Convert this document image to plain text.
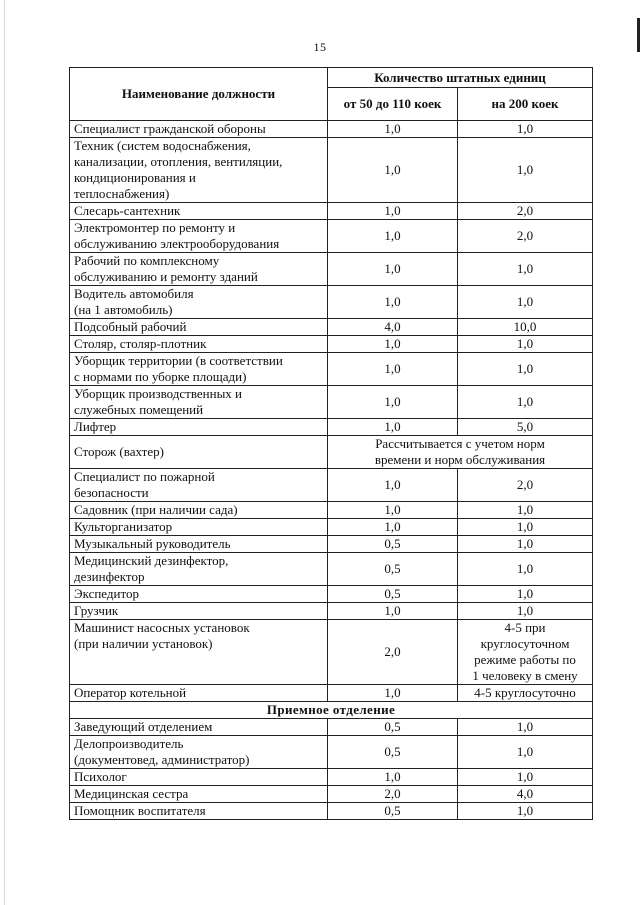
15
Наименование должности	Количество штатных единиц	
	от 50 до 110 коек	на 200 коек
Специалист гражданской обороны	1,0	1,0
Техник (систем водоснабжения,
канализации, отопления, вентиляции,
кондиционирования и
теплоснабжения)	1,0	1,0
Слесарь-сантехник	1,0	2,0
Электромонтер по ремонту и
обслуживанию электрооборудования	1,0	2,0
Рабочий по комплексному
обслуживанию и ремонту зданий	1,0	1,0
Водитель автомобиля
(на 1 автомобиль)	1,0	1,0
Подсобный рабочий	4,0	10,0
Столяр, столяр-плотник	1,0	1,0
Уборщик территории (в соответствии
с нормами по уборке площади)	1,0	1,0
Уборщик производственных и
служебных помещений	1,0	1,0
Лифтер	1,0	5,0
Сторож (вахтер)	Рассчитывается с учетом норм
времени и норм обслуживания	
Специалист по пожарной
безопасности	1,0	2,0
Садовник (при наличии сада)	1,0	1,0
Культорганизатор	1,0	1,0
Музыкальный руководитель	0,5	1,0
Медицинский дезинфектор,
дезинфектор	0,5	1,0
Экспедитор	0,5	1,0
Грузчик	1,0	1,0
Машинист насосных установок
(при наличии установок)	2,0	4-5 при
круглосуточном
режиме работы по
1 человеку в смену
Оператор котельной	1,0	4-5 круглосуточно
Приемное отделение		
Заведующий отделением	0,5	1,0
Делопроизводитель
(документовед, администратор)	0,5	1,0
Психолог	1,0	1,0
Медицинская сестра	2,0	4,0
Помощник воспитателя	0,5	1,0
